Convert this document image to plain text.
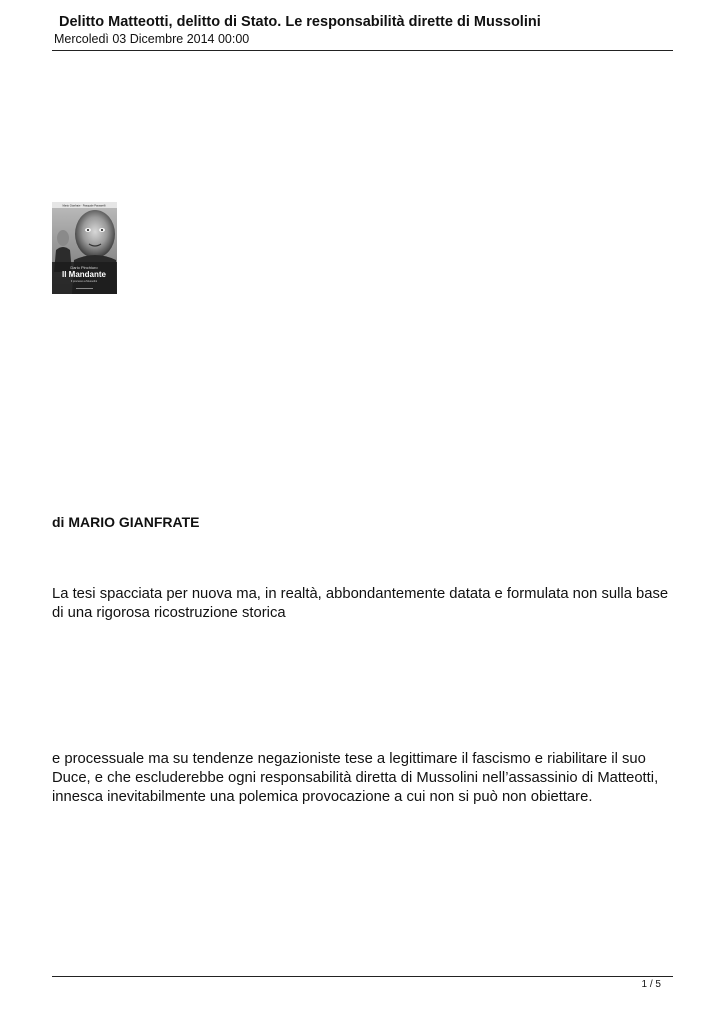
Delitto Matteotti, delitto di Stato. Le responsabilità dirette di Mussolini
Mercoledì 03 Dicembre 2014 00:00
Mario Gianfrate · Pasquale Passarelli
Dario Pinchiuro
Il Mandante
Il processo a Mussolini
di MARIO GIANFRATE
La tesi spacciata per nuova ma, in realtà, abbondantemente datata e formulata non sulla base di una rigorosa ricostruzione storica
e processuale ma su tendenze negazioniste tese a legittimare il fascismo e riabilitare il suo Duce, e che escluderebbe ogni responsabilità diretta di Mussolini nell’assassinio di Matteotti, innesca inevitabilmente una polemica provocazione a cui non si può non obiettare.
1 / 5
